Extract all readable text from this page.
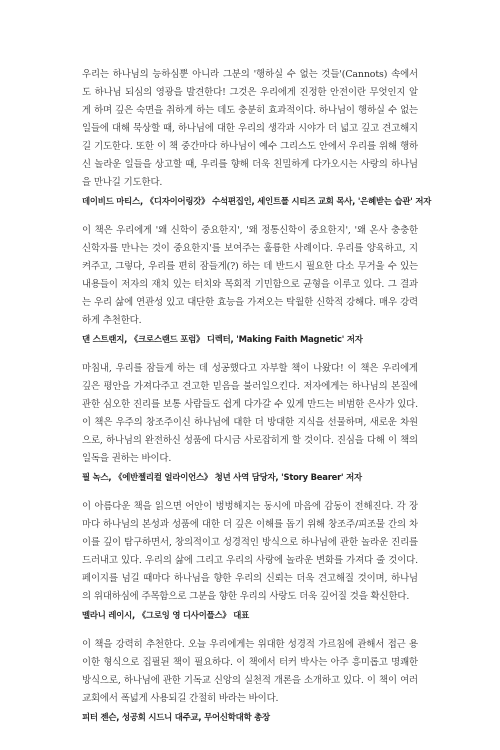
우리는 하나님의 능하심뿐 아니라 그분의 '행하실 수 없는 것들'(Cannots) 속에서도 하나님 되심의 영광을 발견한다! 그것은 우리에게 진정한 안전이란 무엇인지 알게 하며 깊은 숙면을 취하게 하는 데도 충분히 효과적이다. 하나님이 행하실 수 없는 일들에 대해 묵상할 때, 하나님에 대한 우리의 생각과 시야가 더 넓고 깊고 견고해지길 기도한다. 또한 이 책 중간마다 하나님이 예수 그리스도 안에서 우리를 위해 행하신 놀라운 일들을 상고할 때, 우리를 향해 더욱 친밀하게 다가오시는 사랑의 하나님을 만나길 기도한다.

데이비드 마티스, 《디자이어링갓》 수석편집인, 세인트폴 시티즈 교회 목사, '은혜받는 습관' 저자

이 책은 우리에게 '왜 신학이 중요한지', '왜 정통신학이 중요한지', '왜 온사 충충한 신학자를 만나는 것이 중요한지'를 보여주는 훌륭한 사례이다. 우리를 양육하고, 지켜주고, 그렇다, 우리를 편히 잠들게(?) 하는 데 반드시 필요한 다소 무거울 수 있는 내용들이 저자의 재치 있는 터치와 목회적 기민함으로 균형을 이루고 있다. 그 결과는 우리 삶에 연관성 있고 대단한 효능을 가져오는 탁월한 신학적 강해다. 매우 강력하게 추천한다.

댄 스트랜지, 《크로스랜드 포럼》 디렉터, 'Making Faith Magnetic' 저자

마침내, 우리를 잠들게 하는 데 성공했다고 자부할 책이 나왔다! 이 책은 우리에게 깊은 평안을 가져다주고 견고한 믿음을 불러일으킨다. 저자에게는 하나님의 본질에 관한 심오한 진리를 보통 사람들도 쉽게 다가갈 수 있게 만드는 비범한 은사가 있다. 이 책은 우주의 창조주이신 하나님에 대한 더 방대한 지식을 선물하며, 새로운 차원으로, 하나님의 완전하신 성품에 다시금 사로잡히게 할 것이다. 진심을 다해 이 책의 일독을 권하는 바이다.

필 녹스, 《에반젤리컬 얼라이언스》 청년 사역 담당자, 'Story Bearer' 저자

이 아름다운 책을 읽으면 어안이 벙벙해지는 동시에 마음에 감동이 전해진다. 각 장마다 하나님의 본성과 성품에 대한 더 깊은 이해를 돕기 위해 창조주/피조물 간의 차이를 깊이 탐구하면서, 창의적이고 성경적인 방식으로 하나님에 관한 놀라운 진리를 드러내고 있다. 우리의 삶에 그리고 우리의 사랑에 놀라운 변화를 가져다 줄 것이다. 페이지를 넘길 때마다 하나님을 향한 우리의 신뢰는 더욱 견고해질 것이며, 하나님의 위대하심에 주목함으로 그분을 향한 우리의 사랑도 더욱 깊어질 것을 확신한다.

멜라니 레이시, 《그로잉 영 디사이플스》 대표

이 책을 강력히 추천한다. 오늘 우리에게는 위대한 성경적 가르침에 관해서 접근 용이한 형식으로 집필된 책이 필요하다. 이 책에서 터커 박사는 아주 흥미롭고 명쾌한 방식으로, 하나님에 관한 기독교 신앙의 실천적 개론을 소개하고 있다. 이 책이 여러 교회에서 폭넓게 사용되길 간절히 바라는 바이다.

피터 젠슨, 성공회 시드니 대주교, 무어신학대학 총장
